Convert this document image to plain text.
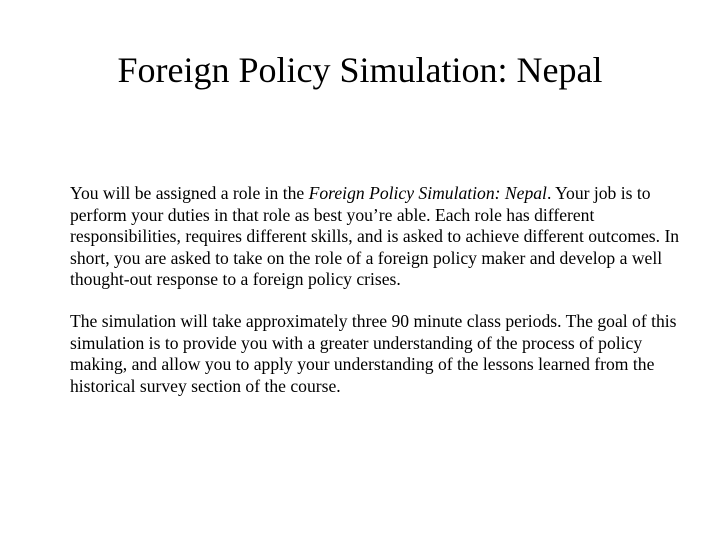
Foreign Policy Simulation: Nepal

You will be assigned a role in the Foreign Policy Simulation: Nepal. Your job is to perform your duties in that role as best you’re able. Each role has different responsibilities, requires different skills, and is asked to achieve different outcomes. In short, you are asked to take on the role of a foreign policy maker and develop a well thought-out response to a foreign policy crises.

The simulation will take approximately three 90 minute class periods. The goal of this simulation is to provide you with a greater understanding of the process of policy making, and allow you to apply your understanding of the lessons learned from the historical survey section of the course.
